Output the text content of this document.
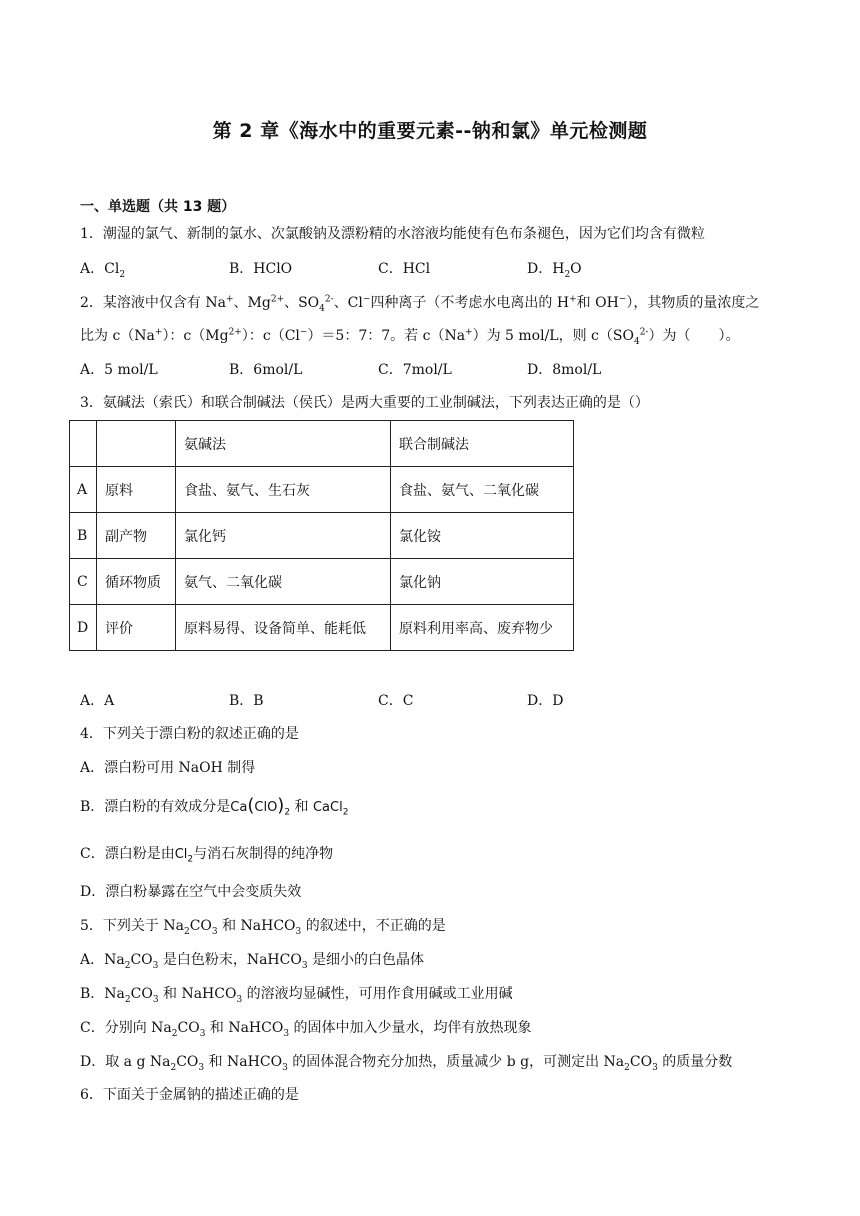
第 2 章《海水中的重要元素--钠和氯》单元检测题
一、单选题（共 13 题）
1．潮湿的氯气、新制的氯水、次氯酸钠及漂粉精的水溶液均能使有色布条褪色，因为它们均含有微粒
A．$Cl_2$	B．HClO	C．HCl	D．$H_2O$
2．某溶液中仅含有 Na+、$Mg^{2+}$、$SO_4^{2-}$、Cl−四种离子（不考虑水电离出的 H+和 OH−），其物质的量浓度之
比为 c（Na+）：$c(Mg^{2+})$：c（Cl−）＝5：7：7。若 c（Na+）为 5 mol/L，则 $c(SO_4^{2-})$为（　　）。
A．5 mol/L	B．6mol/L	C．7mol/L	D．8mol/L
3．氨碱法（索氏）和联合制碱法（侯氏）是两大重要的工业制碱法，下列表达正确的是（）
		氨碱法	联合制碱法
A	原料	食盐、氨气、生石灰	食盐、氨气、二氧化碳
B	副产物	氯化钙	氯化铵
C	循环物质	氨气、二氧化碳	氯化钠
D	评价	原料易得、设备简单、能耗低	原料利用率高、废弃物少
A．A	B．B	C．C	D．D
4．下列关于漂白粉的叙述正确的是
A．漂白粉可用 NaOH 制得
B．漂白粉的有效成分是$Ca(ClO)_2$ 和 CaCl$_2$
C．漂白粉是由$Cl_2$与消石灰制得的纯净物
D．漂白粉暴露在空气中会变质失效
5．下列关于 $Na_2CO_3$ 和 NaHCO$_3$ 的叙述中，不正确的是
A．$Na_2CO_3$ 是白色粉末，NaHCO$_3$ 是细小的白色晶体
B．$Na_2CO_3$ 和 NaHCO$_3$ 的溶液均显碱性，可用作食用碱或工业用碱
C．分别向 $Na_2CO_3$ 和 NaHCO$_3$ 的固体中加入少量水，均伴有放热现象
D．取 a g $Na_2CO_3$ 和 NaHCO$_3$ 的固体混合物充分加热，质量减少 b g，可测定出 $Na_2CO_3$ 的质量分数
6．下面关于金属钠的描述正确的是
